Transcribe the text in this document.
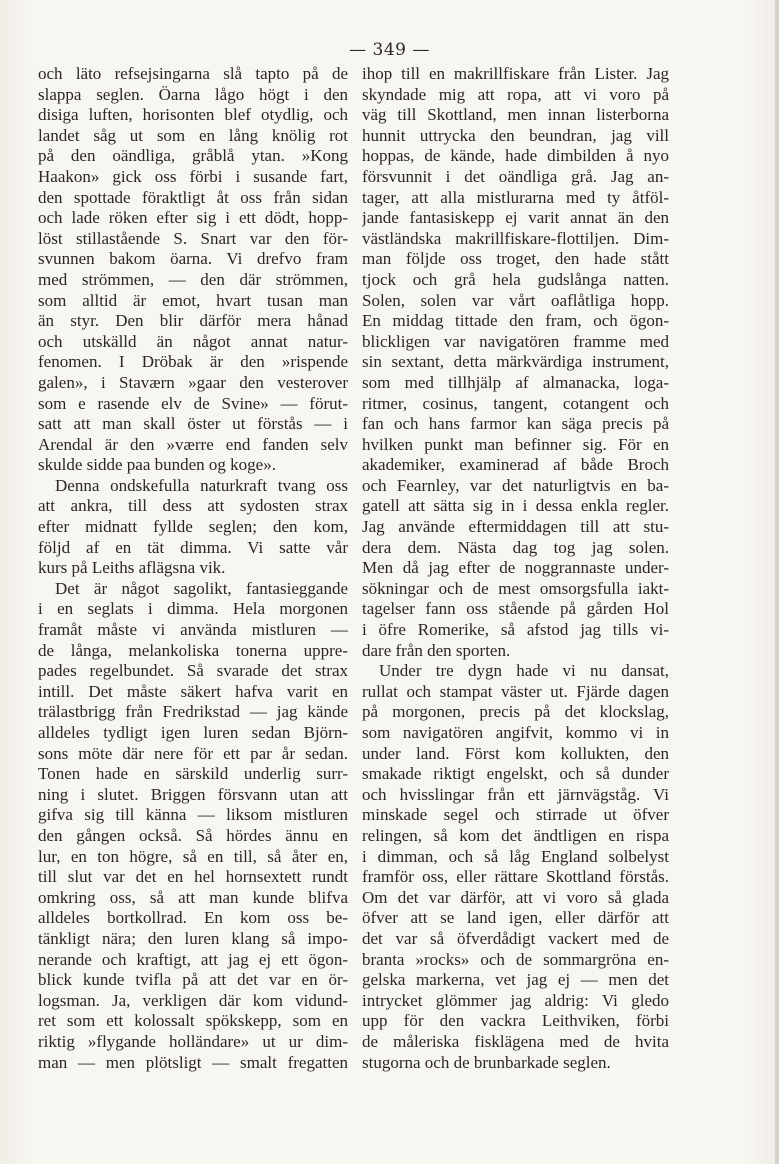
— 349 —
och läto refsejsingarna slå tapto på de
slappa seglen. Öarna lågo högt i den
disiga luften, horisonten blef otydlig, och
landet såg ut som en lång knölig rot
på den oändliga, gråblå ytan. »Kong
Haakon» gick oss förbi i susande fart,
den spottade föraktligt åt oss från sidan
och lade röken efter sig i ett dödt, hopp-
löst stillastående S. Snart var den för-
svunnen bakom öarna. Vi drefvo fram
med strömmen, — den där strömmen,
som alltid är emot, hvart tusan man
än styr. Den blir därför mera hånad
och utskälld än något annat natur-
fenomen. I Dröbak är den »rispende
galen», i Staværn »gaar den vesterover
som e rasende elv de Svine» — förut-
satt att man skall öster ut förstås — i
Arendal är den »værre end fanden selv
skulde sidde paa bunden og koge».
Denna ondskefulla naturkraft tvang oss
att ankra, till dess att sydosten strax
efter midnatt fyllde seglen; den kom,
följd af en tät dimma. Vi satte vår
kurs på Leiths aflägsna vik.
Det är något sagolikt, fantasieggande
i en seglats i dimma. Hela morgonen
framåt måste vi använda mistluren —
de långa, melankoliska tonerna uppre-
pades regelbundet. Så svarade det strax
intill. Det måste säkert hafva varit en
trälastbrigg från Fredrikstad — jag kände
alldeles tydligt igen luren sedan Björn-
sons möte där nere för ett par år sedan.
Tonen hade en särskild underlig surr-
ning i slutet. Briggen försvann utan att
gifva sig till känna — liksom mistluren
den gången också. Så hördes ännu en
lur, en ton högre, så en till, så åter en,
till slut var det en hel hornsextett rundt
omkring oss, så att man kunde blifva
alldeles bortkollrad. En kom oss be-
tänkligt nära; den luren klang så impo-
nerande och kraftigt, att jag ej ett ögon-
blick kunde tvifla på att det var en ör-
logsman. Ja, verkligen där kom vidund-
ret som ett kolossalt spökskepp, som en
riktig »flygande holländare» ut ur dim-
man — men plötsligt — smalt fregatten
ihop till en makrillfiskare från Lister. Jag
skyndade mig att ropa, att vi voro på
väg till Skottland, men innan listerborna
hunnit uttrycka den beundran, jag vill
hoppas, de kände, hade dimbilden å nyo
försvunnit i det oändliga grå. Jag an-
tager, att alla mistlurarna med ty åtföl-
jande fantasiskepp ej varit annat än den
västländska makrillfiskare-flottiljen. Dim-
man följde oss troget, den hade stått
tjock och grå hela gudslånga natten.
Solen, solen var vårt oaflåtliga hopp.
En middag tittade den fram, och ögon-
blickligen var navigatören framme med
sin sextant, detta märkvärdiga instrument,
som med tillhjälp af almanacka, loga-
ritmer, cosinus, tangent, cotangent och
fan och hans farmor kan säga precis på
hvilken punkt man befinner sig. För en
akademiker, examinerad af både Broch
och Fearnley, var det naturligtvis en ba-
gatell att sätta sig in i dessa enkla regler.
Jag använde eftermiddagen till att stu-
dera dem. Nästa dag tog jag solen.
Men då jag efter de noggrannaste under-
sökningar och de mest omsorgsfulla iakt-
tagelser fann oss stående på gården Hol
i öfre Romerike, så afstod jag tills vi-
dare från den sporten.
Under tre dygn hade vi nu dansat,
rullat och stampat väster ut. Fjärde dagen
på morgonen, precis på det klockslag,
som navigatören angifvit, kommo vi in
under land. Först kom kollukten, den
smakade riktigt engelskt, och så dunder
och hvisslingar från ett järnvägståg. Vi
minskade segel och stirrade ut öfver
relingen, så kom det ändtligen en rispa
i dimman, och så låg England solbelyst
framför oss, eller rättare Skottland förstås.
Om det var därför, att vi voro så glada
öfver att se land igen, eller därför att
det var så öfverdådigt vackert med de
branta »rocks» och de sommargröna en-
gelska markerna, vet jag ej — men det
intrycket glömmer jag aldrig: Vi gledo
upp för den vackra Leithviken, förbi
de måleriska fisklägena med de hvita
stugorna och de brunbarkade seglen.
